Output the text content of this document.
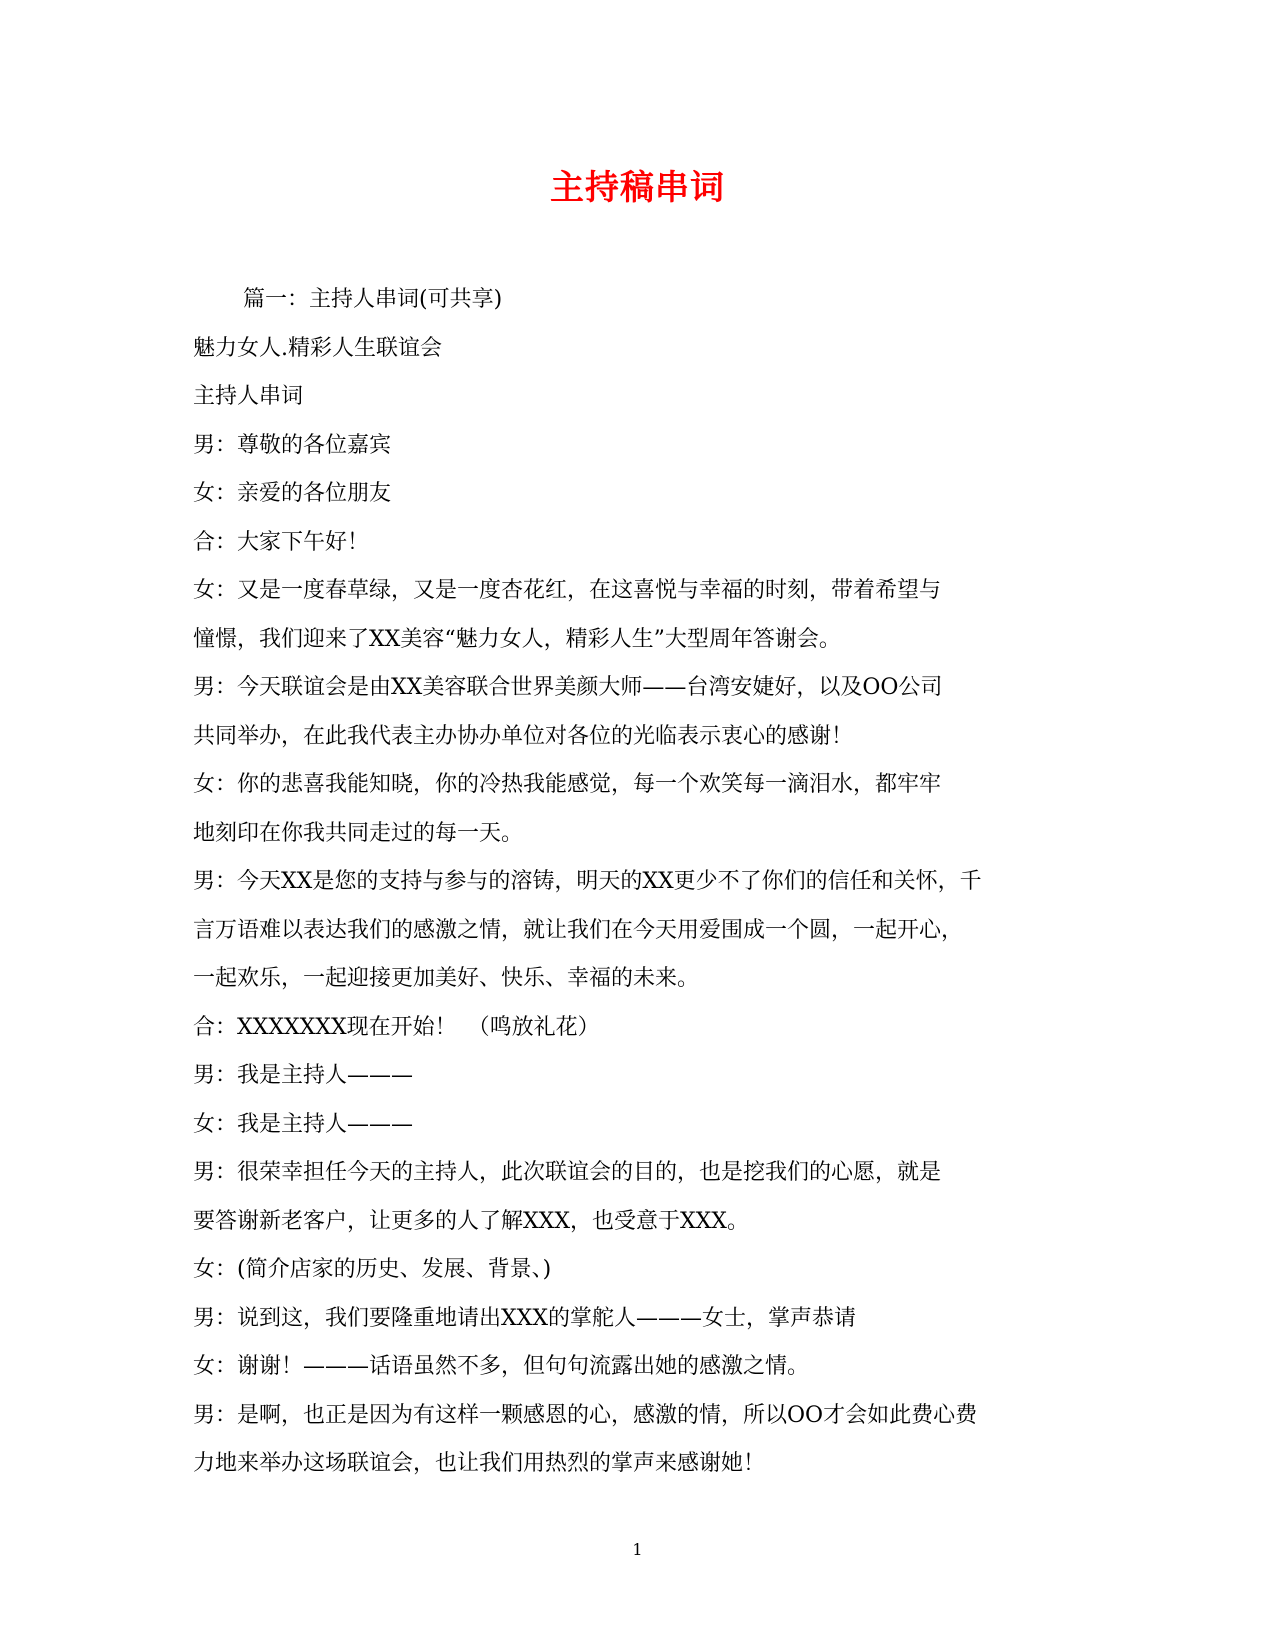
主持稿串词
篇一：主持人串词(可共享)
魅力女人.精彩人生联谊会
主持人串词
男：尊敬的各位嘉宾
女：亲爱的各位朋友
合：大家下午好！
女：又是一度春草绿，又是一度杏花红，在这喜悦与幸福的时刻，带着希望与
憧憬，我们迎来了XX美容“魅力女人，精彩人生”大型周年答谢会。
男：今天联谊会是由XX美容联合世界美颜大师——台湾安婕好，以及OO公司
共同举办，在此我代表主办协办单位对各位的光临表示衷心的感谢！
女：你的悲喜我能知晓，你的冷热我能感觉，每一个欢笑每一滴泪水，都牢牢
地刻印在你我共同走过的每一天。
男：今天XX是您的支持与参与的溶铸，明天的XX更少不了你们的信任和关怀，千
言万语难以表达我们的感激之情，就让我们在今天用爱围成一个圆，一起开心，
一起欢乐，一起迎接更加美好、快乐、幸福的未来。
合：XXXXXXX现在开始！　（鸣放礼花）
男：我是主持人———
女：我是主持人———
男：很荣幸担任今天的主持人，此次联谊会的目的，也是挖我们的心愿，就是
要答谢新老客户，让更多的人了解XXX，也受意于XXX。
女：(简介店家的历史、发展、背景、)
男：说到这，我们要隆重地请出XXX的掌舵人———女士，掌声恭请
女：谢谢！———话语虽然不多，但句句流露出她的感激之情。
男：是啊，也正是因为有这样一颗感恩的心，感激的情，所以OO才会如此费心费
力地来举办这场联谊会，也让我们用热烈的掌声来感谢她！
1
